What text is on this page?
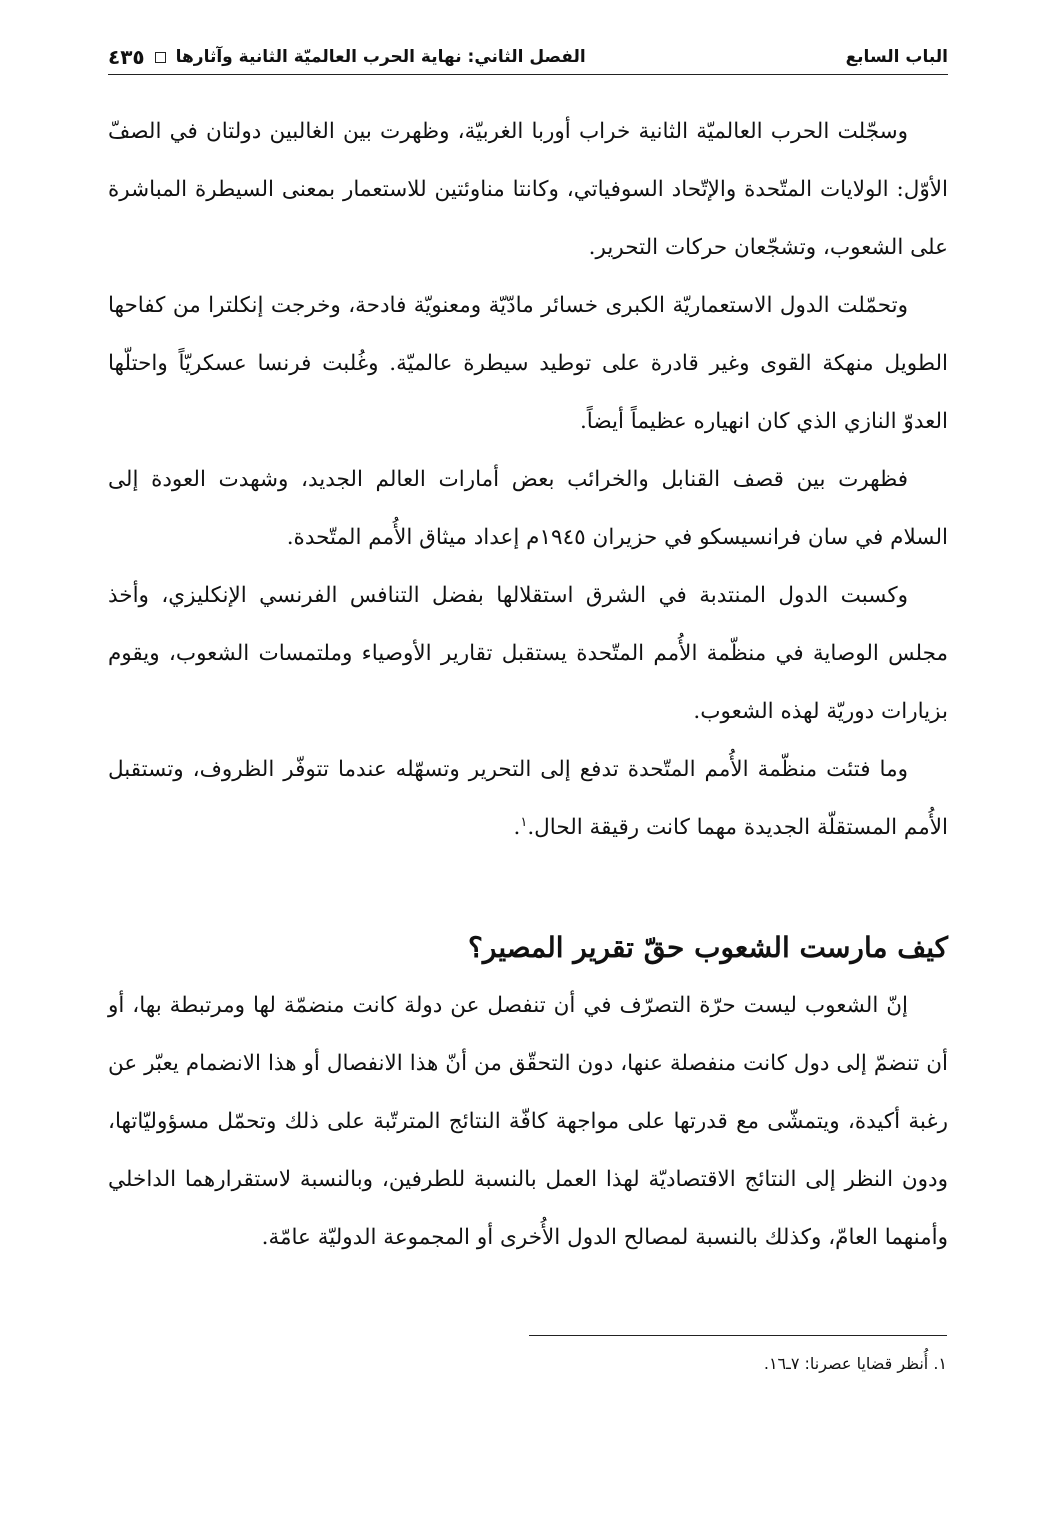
الفصل الثاني: نهاية الحرب العالميّة الثانية وآثارها
٤٣٥	الباب السابع

وسجّلت الحرب العالميّة الثانية خراب أوربا الغربيّة، وظهرت بين الغالبين دولتان في الصفّ الأوّل: الولايات المتّحدة والإتّحاد السوفياتي، وكانتا مناوئتين للاستعمار بمعنى السيطرة المباشرة على الشعوب، وتشجّعان حركات التحرير.

وتحمّلت الدول الاستعماريّة الكبرى خسائر مادّيّة ومعنويّة فادحة، وخرجت إنكلترا من كفاحها الطويل منهكة القوى وغير قادرة على توطيد سيطرة عالميّة. وغُلبت فرنسا عسكريّاً واحتلّها العدوّ النازي الذي كان انهياره عظيماً أيضاً.

فظهرت بين قصف القنابل والخرائب بعض أمارات العالم الجديد، وشهدت العودة إلى السلام في سان فرانسيسكو في حزيران ١٩٤٥م إعداد ميثاق الأُمم المتّحدة.

وكسبت الدول المنتدبة في الشرق استقلالها بفضل التنافس الفرنسي الإنكليزي، وأخذ مجلس الوصاية في منظّمة الأُمم المتّحدة يستقبل تقارير الأوصياء وملتمسات الشعوب، ويقوم بزيارات دوريّة لهذه الشعوب.

وما فتئت منظّمة الأُمم المتّحدة تدفع إلى التحرير وتسهّله عندما تتوفّر الظروف، وتستقبل الأُمم المستقلّة الجديدة مهما كانت رقيقة الحال.$^١$.

كيف مارست الشعوب حقّ تقرير المصير؟

إنّ الشعوب ليست حرّة التصرّف في أن تنفصل عن دولة كانت منضمّة لها ومرتبطة بها، أو أن تنضمّ إلى دول كانت منفصلة عنها، دون التحقّق من أنّ هذا الانفصال أو هذا الانضمام يعبّر عن رغبة أكيدة، ويتمشّى مع قدرتها على مواجهة كافّة النتائج المترتّبة على ذلك وتحمّل مسؤوليّاتها، ودون النظر إلى النتائج الاقتصاديّة لهذا العمل بالنسبة للطرفين، وبالنسبة لاستقرارهما الداخلي وأمنهما العامّ، وكذلك بالنسبة لمصالح الدول الأُخرى أو المجموعة الدوليّة عامّة.

١. أُنظر قضايا عصرنا: ٧ـ١٦.
